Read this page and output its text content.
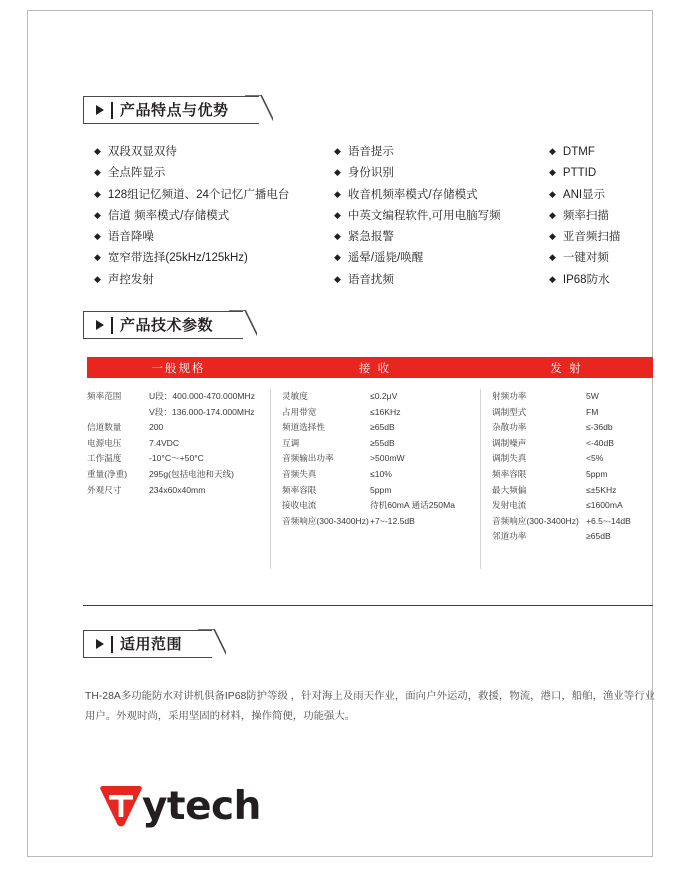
产品特点与优势
◆ 双段双显双待
◆ 全点阵显示
◆ 128组记忆频道、24个记忆广播电台
◆ 信道 频率模式/存储模式
◆ 语音降噪
◆ 宽窄带选择(25kHz/125kHz)
◆ 声控发射
◆ 语音提示
◆ 身份识别
◆ 收音机频率模式/存储模式
◆ 中英文编程软件,可用电脑写频
◆ 紧急报警
◆ 遥晕/遥毙/唤醒
◆ 语音扰频
◆ DTMF
◆ PTTID
◆ ANI显示
◆ 频率扫描
◆ 亚音频扫描
◆ 一键对频
◆ IP68防水
产品技术参数
一般规格	接 收	发 射
频率范围	U段：400.000-470.000MHz
V段：136.000-174.000MHz
信道数量	200
电源电压	7.4VDC
工作温度	-10°C～+50°C
重量(净重)	295g(包括电池和天线)
外观尺寸	234x60x40mm
灵敏度	≤0.2μV
占用带宽	≤16KHz
频道选择性	≥65dB
互调	≥55dB
音频输出功率	>500mW
音频失真	≤10%
频率容限	5ppm
接收电流	待机60mA 通话250Ma
音频响应(300-3400Hz) +7~-12.5dB
射频功率	5W
调制型式	FM
杂散功率	≤-36db
调制噪声	<-40dB
调制失真	<5%
频率容限	5ppm
最大频偏	≤±5KHz
发射电流	≤1600mA
音频响应(300-3400Hz) +6.5~-14dB
邻道功率	≥65dB
适用范围
TH-28A多功能防水对讲机俱备IP68防护等级 ，针对海上及雨天作业，面向户外运动，救援，物流，港口，船舶，渔业等行业用户。外观时尚，采用坚固的材料，操作简便，功能强大。
ytech
